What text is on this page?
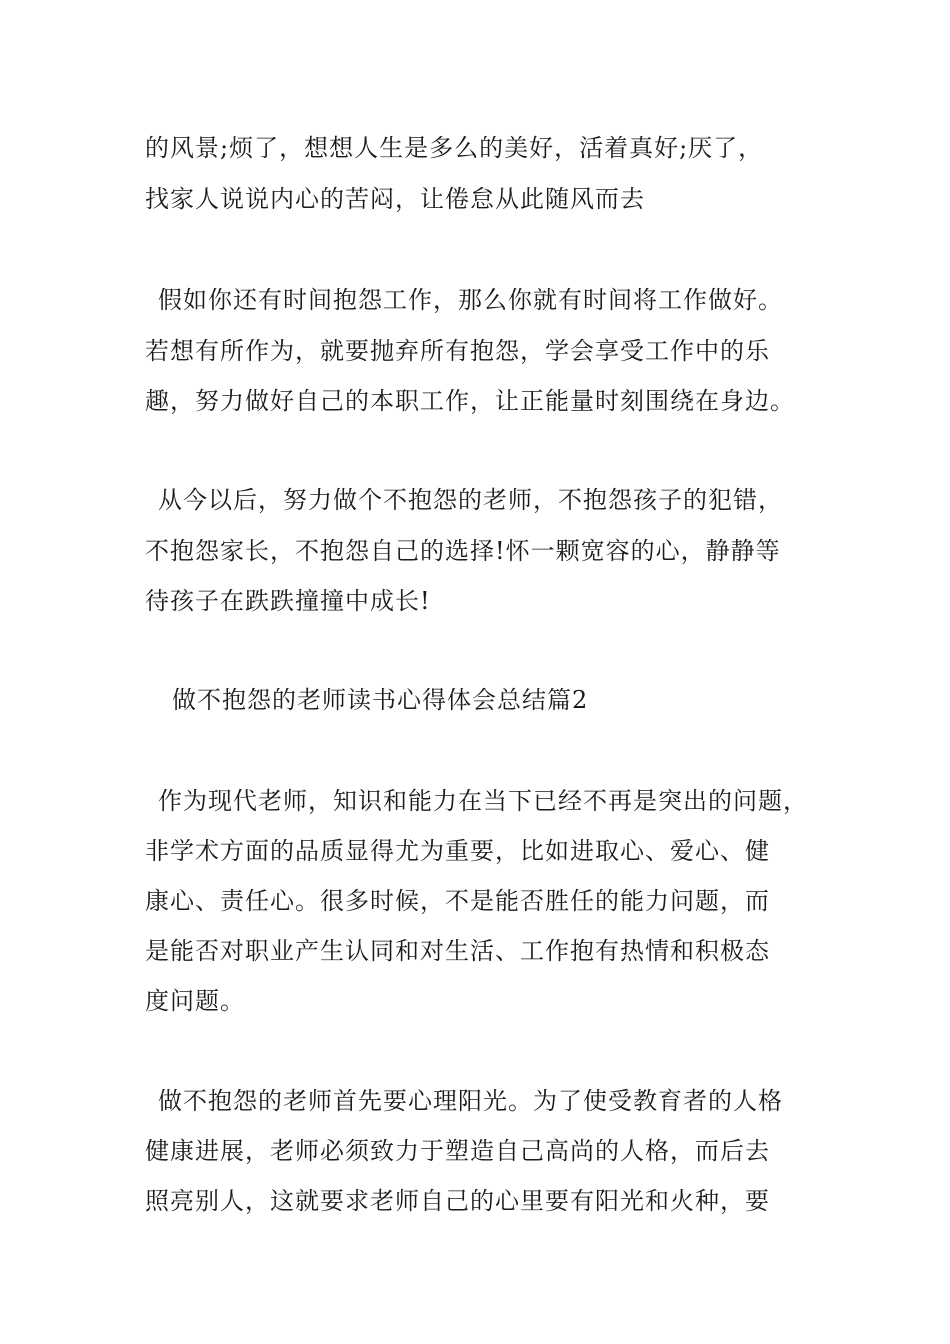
的风景;烦了，想想人生是多么的美好，活着真好;厌了，
找家人说说内心的苦闷，让倦怠从此随风而去
假如你还有时间抱怨工作，那么你就有时间将工作做好。
若想有所作为，就要抛弃所有抱怨，学会享受工作中的乐
趣，努力做好自己的本职工作，让正能量时刻围绕在身边。
从今以后，努力做个不抱怨的老师，不抱怨孩子的犯错，
不抱怨家长，不抱怨自己的选择!怀一颗宽容的心，静静等
待孩子在跌跌撞撞中成长!
做不抱怨的老师读书心得体会总结篇2
作为现代老师，知识和能力在当下已经不再是突出的问题，
非学术方面的品质显得尤为重要，比如进取心、爱心、健
康心、责任心。很多时候，不是能否胜任的能力问题，而
是能否对职业产生认同和对生活、工作抱有热情和积极态
度问题。
做不抱怨的老师首先要心理阳光。为了使受教育者的人格
健康进展，老师必须致力于塑造自己高尚的人格，而后去
照亮别人，这就要求老师自己的心里要有阳光和火种，要
